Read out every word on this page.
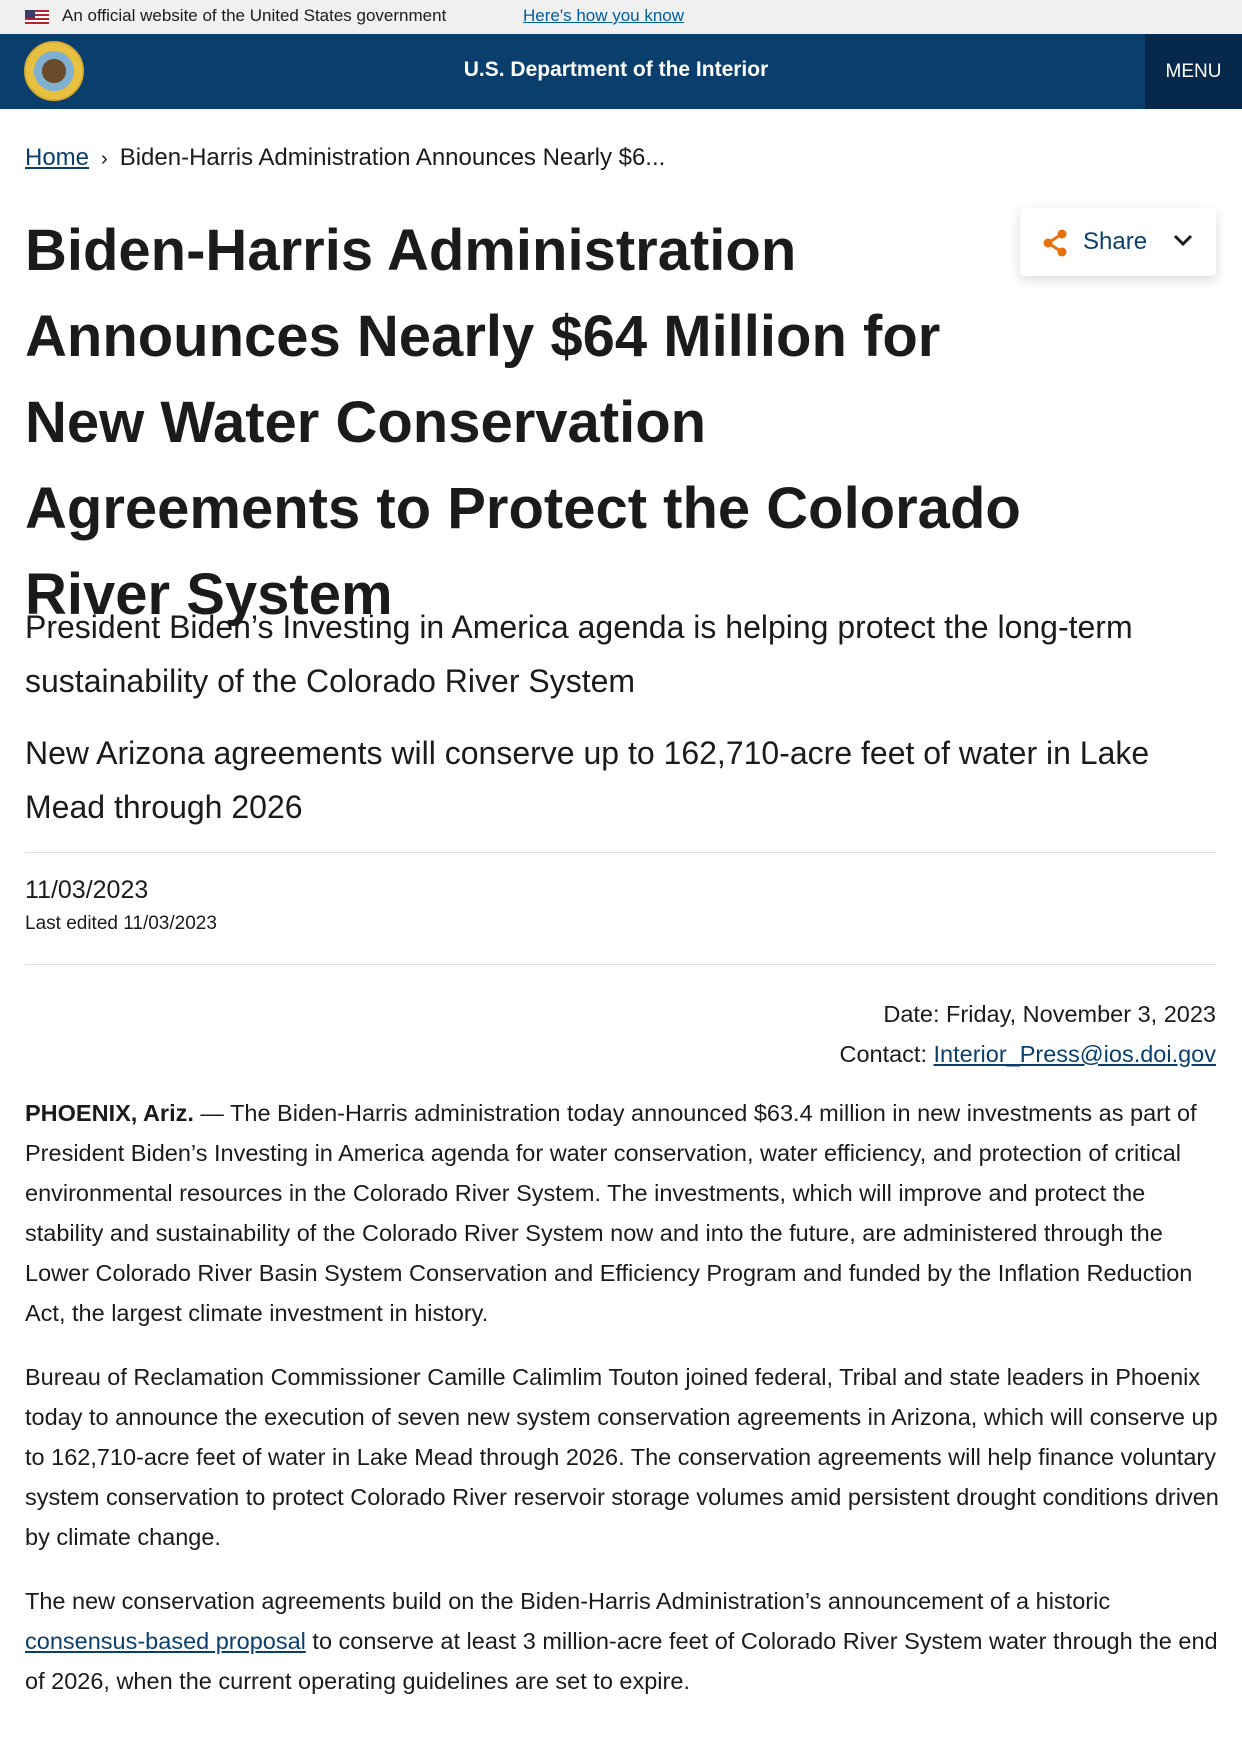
An official website of the United States government	Here's how you know
U.S. Department of the Interior	MENU
Home › Biden-Harris Administration Announces Nearly $6...
Biden-Harris Administration Announces Nearly $64 Million for New Water Conservation Agreements to Protect the Colorado River System
Share

President Biden’s Investing in America agenda is helping protect the long-term sustainability of the Colorado River System

New Arizona agreements will conserve up to 162,710-acre feet of water in Lake Mead through 2026

11/03/2023
Last edited 11/03/2023
Date: Friday, November 3, 2023
Contact: Interior_Press@ios.doi.gov

PHOENIX, Ariz. — The Biden-Harris administration today announced $63.4 million in new investments as part of President Biden’s Investing in America agenda for water conservation, water efficiency, and protection of critical environmental resources in the Colorado River System. The investments, which will improve and protect the stability and sustainability of the Colorado River System now and into the future, are administered through the Lower Colorado River Basin System Conservation and Efficiency Program and funded by the Inflation Reduction Act, the largest climate investment in history.

Bureau of Reclamation Commissioner Camille Calimlim Touton joined federal, Tribal and state leaders in Phoenix today to announce the execution of seven new system conservation agreements in Arizona, which will conserve up to 162,710-acre feet of water in Lake Mead through 2026. The conservation agreements will help finance voluntary system conservation to protect Colorado River reservoir storage volumes amid persistent drought conditions driven by climate change.

The new conservation agreements build on the Biden-Harris Administration’s announcement of a historic consensus-based proposal to conserve at least 3 million-acre feet of Colorado River System water through the end of 2026, when the current operating guidelines are set to expire.
